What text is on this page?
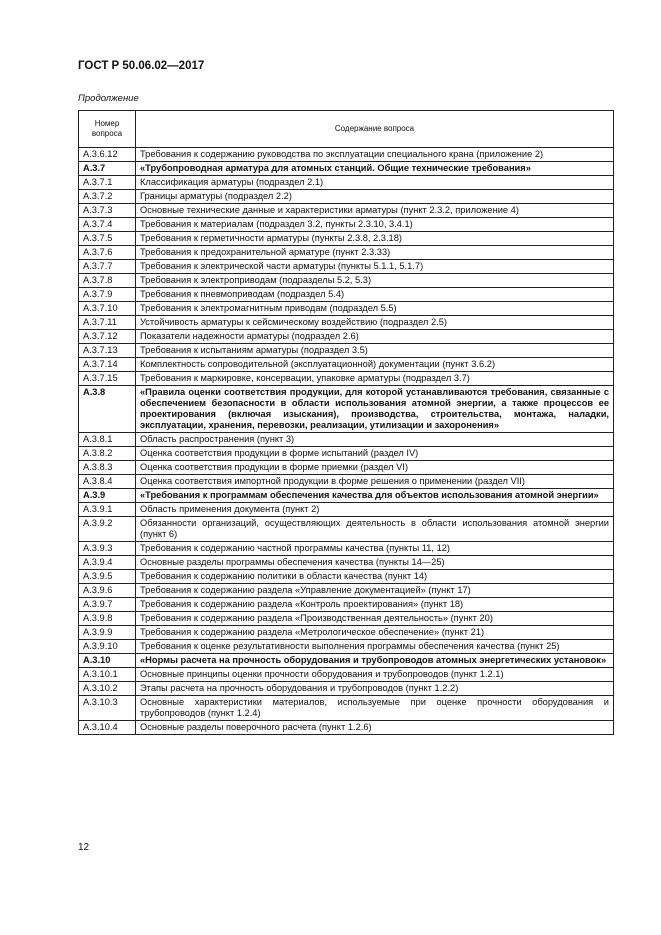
ГОСТ Р 50.06.02—2017
Продолжение
Номер вопроса	Содержание вопроса
А.3.6.12	Требования к содержанию руководства по эксплуатации специального крана (приложение 2)
А.3.7	«Трубопроводная арматура для атомных станций. Общие технические требования»
А.3.7.1	Классификация арматуры (подраздел 2.1)
А.3.7.2	Границы арматуры (подраздел 2.2)
А.3.7.3	Основные технические данные и характеристики арматуры (пункт 2.3.2, приложение 4)
А.3.7.4	Требования к материалам (подраздел 3.2, пункты 2.3.10, 3.4.1)
А.3.7.5	Требования к герметичности арматуры (пункты 2.3.8, 2.3.18)
А.3.7.6	Требования к предохранительной арматуре (пункт 2.3.33)
А.3.7.7	Требования к электрической части арматуры (пункты 5.1.1, 5.1.7)
А.3.7.8	Требования к электроприводам (подразделы 5.2, 5.3)
А.3.7.9	Требования к пневмоприводам (подраздел 5.4)
А.3.7.10	Требования к электромагнитным приводам (подраздел 5.5)
А.3.7.11	Устойчивость арматуры к сейсмическому воздействию (подраздел 2.5)
А.3.7.12	Показатели надежности арматуры (подраздел 2.6)
А.3.7.13	Требования к испытаниям арматуры (подраздел 3.5)
А.3.7.14	Комплектность сопроводительной (эксплуатационной) документации (пункт 3.6.2)
А.3.7.15	Требования к маркировке, консервации, упаковке арматуры (подраздел 3.7)
А.3.8	«Правила оценки соответствия продукции, для которой устанавливаются требования, связанные с обеспечением безопасности в области использования атомной энергии, а также процессов ее проектирования (включая изыскания), производства, строительства, монтажа, наладки, эксплуатации, хранения, перевозки, реализации, утилизации и захоронения»
А.3.8.1	Область распространения (пункт 3)
А.3.8.2	Оценка соответствия продукции в форме испытаний (раздел IV)
А.3.8.3	Оценка соответствия продукции в форме приемки (раздел VI)
А.3.8.4	Оценка соответствия импортной продукции в форме решения о применении (раздел VII)
А.3.9	«Требования к программам обеспечения качества для объектов использования атомной энергии»
А.3.9.1	Область применения документа (пункт 2)
А.3.9.2	Обязанности организаций, осуществляющих деятельность в области использования атомной энергии (пункт 6)
А.3.9.3	Требования к содержанию частной программы качества (пункты 11, 12)
А.3.9.4	Основные разделы программы обеспечения качества (пункты 14—25)
А.3.9.5	Требования к содержанию политики в области качества (пункт 14)
А.3.9.6	Требования к содержанию раздела «Управление документацией» (пункт 17)
А.3.9.7	Требования к содержанию раздела «Контроль проектирования» (пункт 18)
А.3.9.8	Требования к содержанию раздела «Производственная деятельность» (пункт 20)
А.3.9.9	Требования к содержанию раздела «Метрологическое обеспечение» (пункт 21)
А.3.9.10	Требования к оценке результативности выполнения программы обеспечения качества (пункт 25)
А.3.10	«Нормы расчета на прочность оборудования и трубопроводов атомных энергетических установок»
А.3.10.1	Основные принципы оценки прочности оборудования и трубопроводов (пункт 1.2.1)
А.3.10.2	Этапы расчета на прочность оборудования и трубопроводов (пункт 1.2.2)
А.3.10.3	Основные характеристики материалов, используемые при оценке прочности оборудования и трубопроводов (пункт 1.2.4)
А.3.10.4	Основные разделы поверочного расчета (пункт 1.2.6)
12
